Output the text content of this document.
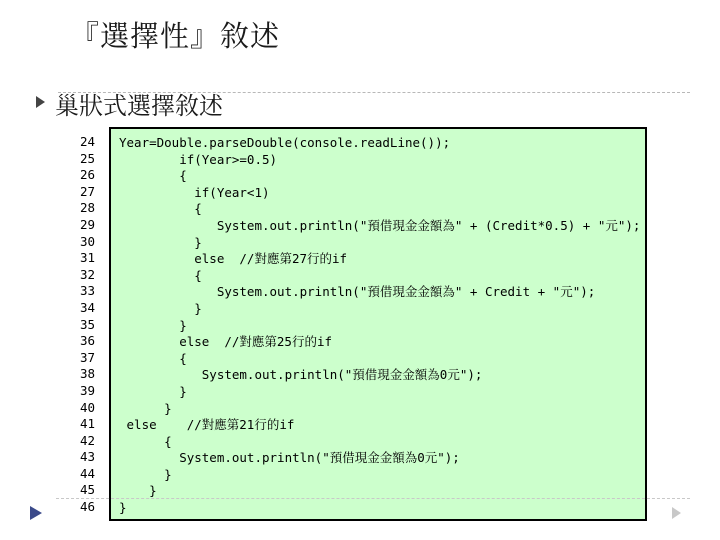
『選擇性』敘述
巢狀式選擇敘述
24
25
26
27
28
29
30
31
32
33
34
35
36
37
38
39
40
41
42
43
44
45
46
Year=Double.parseDouble(console.readLine());
if(Year>=0.5)
{
if(Year<1)
{
System.out.println("預借現金金額為" + (Credit*0.5) + "元");
}
else  //對應第27行的if
{
System.out.println("預借現金金額為" + Credit + "元");
}
}
else  //對應第25行的if
{
System.out.println("預借現金金額為0元");
}
}
else    //對應第21行的if
{
System.out.println("預借現金金額為0元");
}
}
}
